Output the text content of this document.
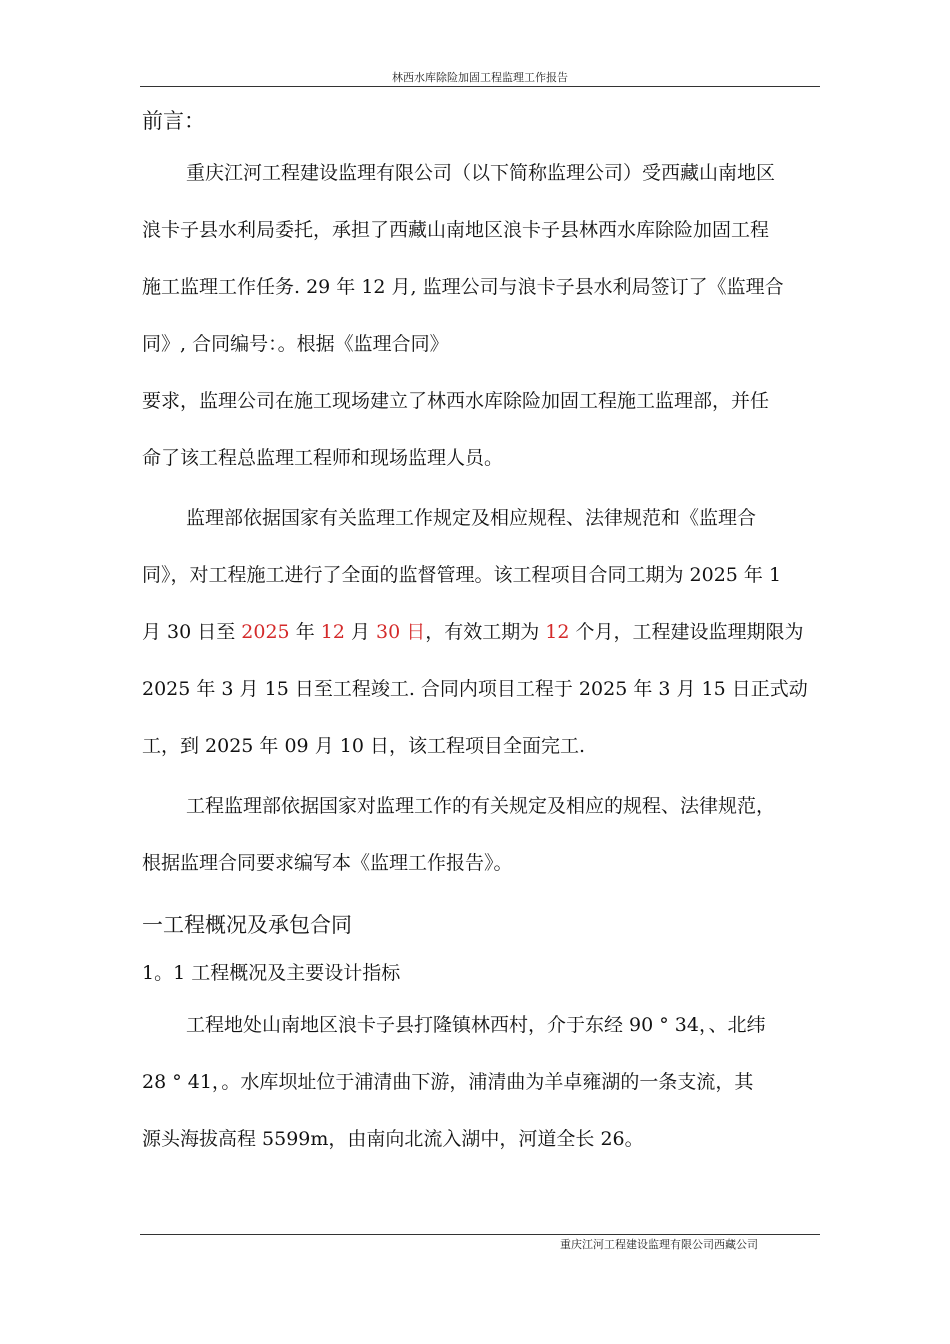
林西水库除险加固工程监理工作报告
前言：
重庆江河工程建设监理有限公司（以下简称监理公司）受西藏山南地区
浪卡子县水利局委托，承担了西藏山南地区浪卡子县林西水库除险加固工程
施工监理工作任务. 29 年 12 月, 监理公司与浪卡子县水利局签订了《监理合
同》, 合同编号：。根据《监理合同》
要求，监理公司在施工现场建立了林西水库除险加固工程施工监理部，并任
命了该工程总监理工程师和现场监理人员。
监理部依据国家有关监理工作规定及相应规程、法律规范和《监理合
同》，对工程施工进行了全面的监督管理。该工程项目合同工期为 2025 年 1
月 30 日至 2025 年 12 月 30 日，有效工期为 12 个月，工程建设监理期限为
2025 年 3 月 15 日至工程竣工. 合同内项目工程于 2025 年 3 月 15 日正式动
工，到 2025 年 09 月 10 日，该工程项目全面完工.
工程监理部依据国家对监理工作的有关规定及相应的规程、法律规范，
根据监理合同要求编写本《监理工作报告》。
一工程概况及承包合同
1。1 工程概况及主要设计指标
工程地处山南地区浪卡子县打隆镇林西村，介于东经 90 ° 34，、北纬
28 ° 41，。水库坝址位于浦清曲下游，浦清曲为羊卓雍湖的一条支流，其
源头海拔高程 5599m，由南向北流入湖中，河道全长 26。
重庆江河工程建设监理有限公司西藏公司
